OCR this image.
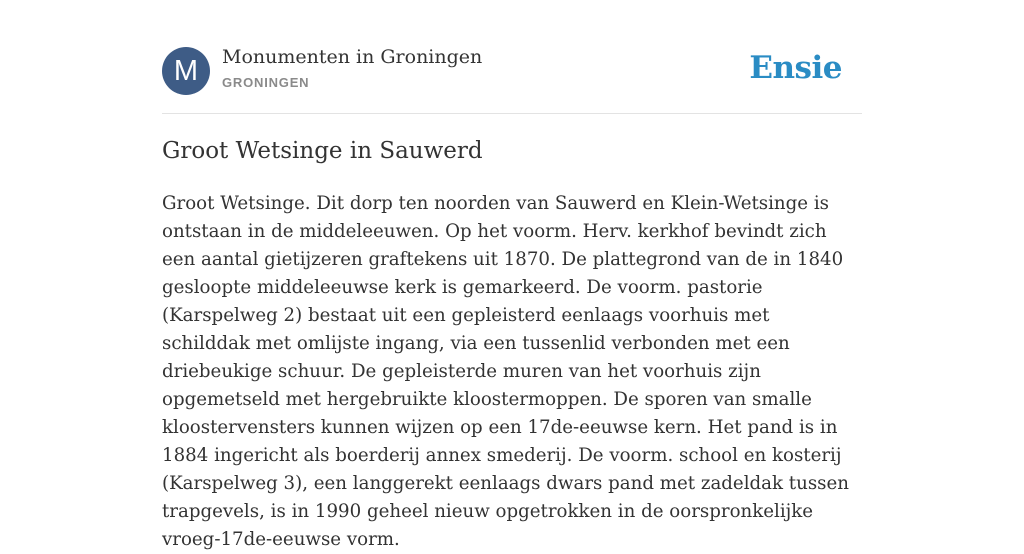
M	Monumenten in Groningen
GRONINGEN	Ensie
Groot Wetsinge in Sauwerd

Groot Wetsinge. Dit dorp ten noorden van Sauwerd en Klein-Wetsinge is ontstaan in de middeleeuwen. Op het voorm. Herv. kerkhof bevindt zich een aantal gietijzeren graftekens uit 1870. De plattegrond van de in 1840 gesloopte middeleeuwse kerk is gemarkeerd. De voorm. pastorie (Karspelweg 2) bestaat uit een gepleisterd eenlaags voorhuis met schilddak met omlijste ingang, via een tussenlid verbonden met een driebeukige schuur. De gepleisterde muren van het voorhuis zijn opgemetseld met hergebruikte kloostermoppen. De sporen van smalle kloostervensters kunnen wijzen op een 17de-eeuwse kern. Het pand is in 1884 ingericht als boerderij annex smederij. De voorm. school en kosterij (Karspelweg 3), een langgerekt eenlaags dwars pand met zadeldak tussen trapgevels, is in 1990 geheel nieuw opgetrokken in de oorspronkelijke vroeg-17de-eeuwse vorm.
